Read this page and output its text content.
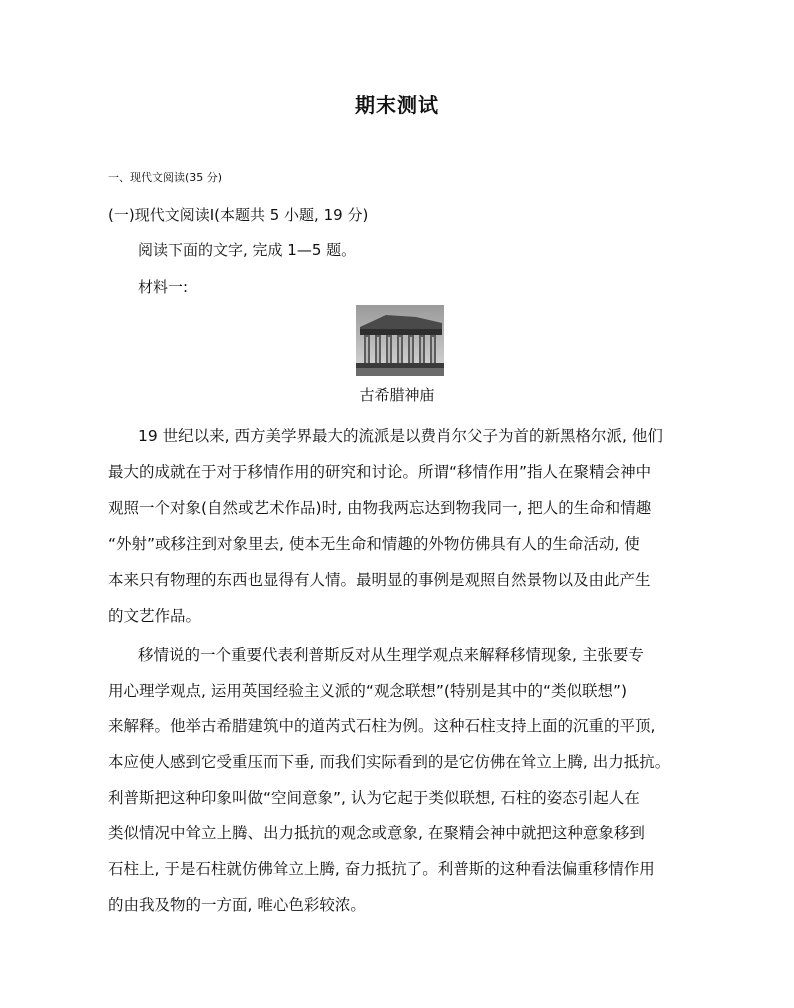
期末测试
一、现代文阅读(35 分)
(一)现代文阅读Ⅰ(本题共 5 小题, 19 分)
阅读下面的文字, 完成 1—5 题。
材料一:
古希腊神庙
19 世纪以来, 西方美学界最大的流派是以费肖尔父子为首的新黑格尔派, 他们
最大的成就在于对于移情作用的研究和讨论。所谓“移情作用”指人在聚精会神中
观照一个对象(自然或艺术作品)时, 由物我两忘达到物我同一, 把人的生命和情趣
“外射”或移注到对象里去, 使本无生命和情趣的外物仿佛具有人的生命活动, 使
本来只有物理的东西也显得有人情。最明显的事例是观照自然景物以及由此产生
的文艺作品。
移情说的一个重要代表利普斯反对从生理学观点来解释移情现象, 主张要专
用心理学观点, 运用英国经验主义派的“观念联想”(特别是其中的“类似联想”)
来解释。他举古希腊建筑中的道芮式石柱为例。这种石柱支持上面的沉重的平顶,
本应使人感到它受重压而下垂, 而我们实际看到的是它仿佛在耸立上腾, 出力抵抗。
利普斯把这种印象叫做“空间意象”, 认为它起于类似联想, 石柱的姿态引起人在
类似情况中耸立上腾、出力抵抗的观念或意象, 在聚精会神中就把这种意象移到
石柱上, 于是石柱就仿佛耸立上腾, 奋力抵抗了。利普斯的这种看法偏重移情作用
的由我及物的一方面, 唯心色彩较浓。
